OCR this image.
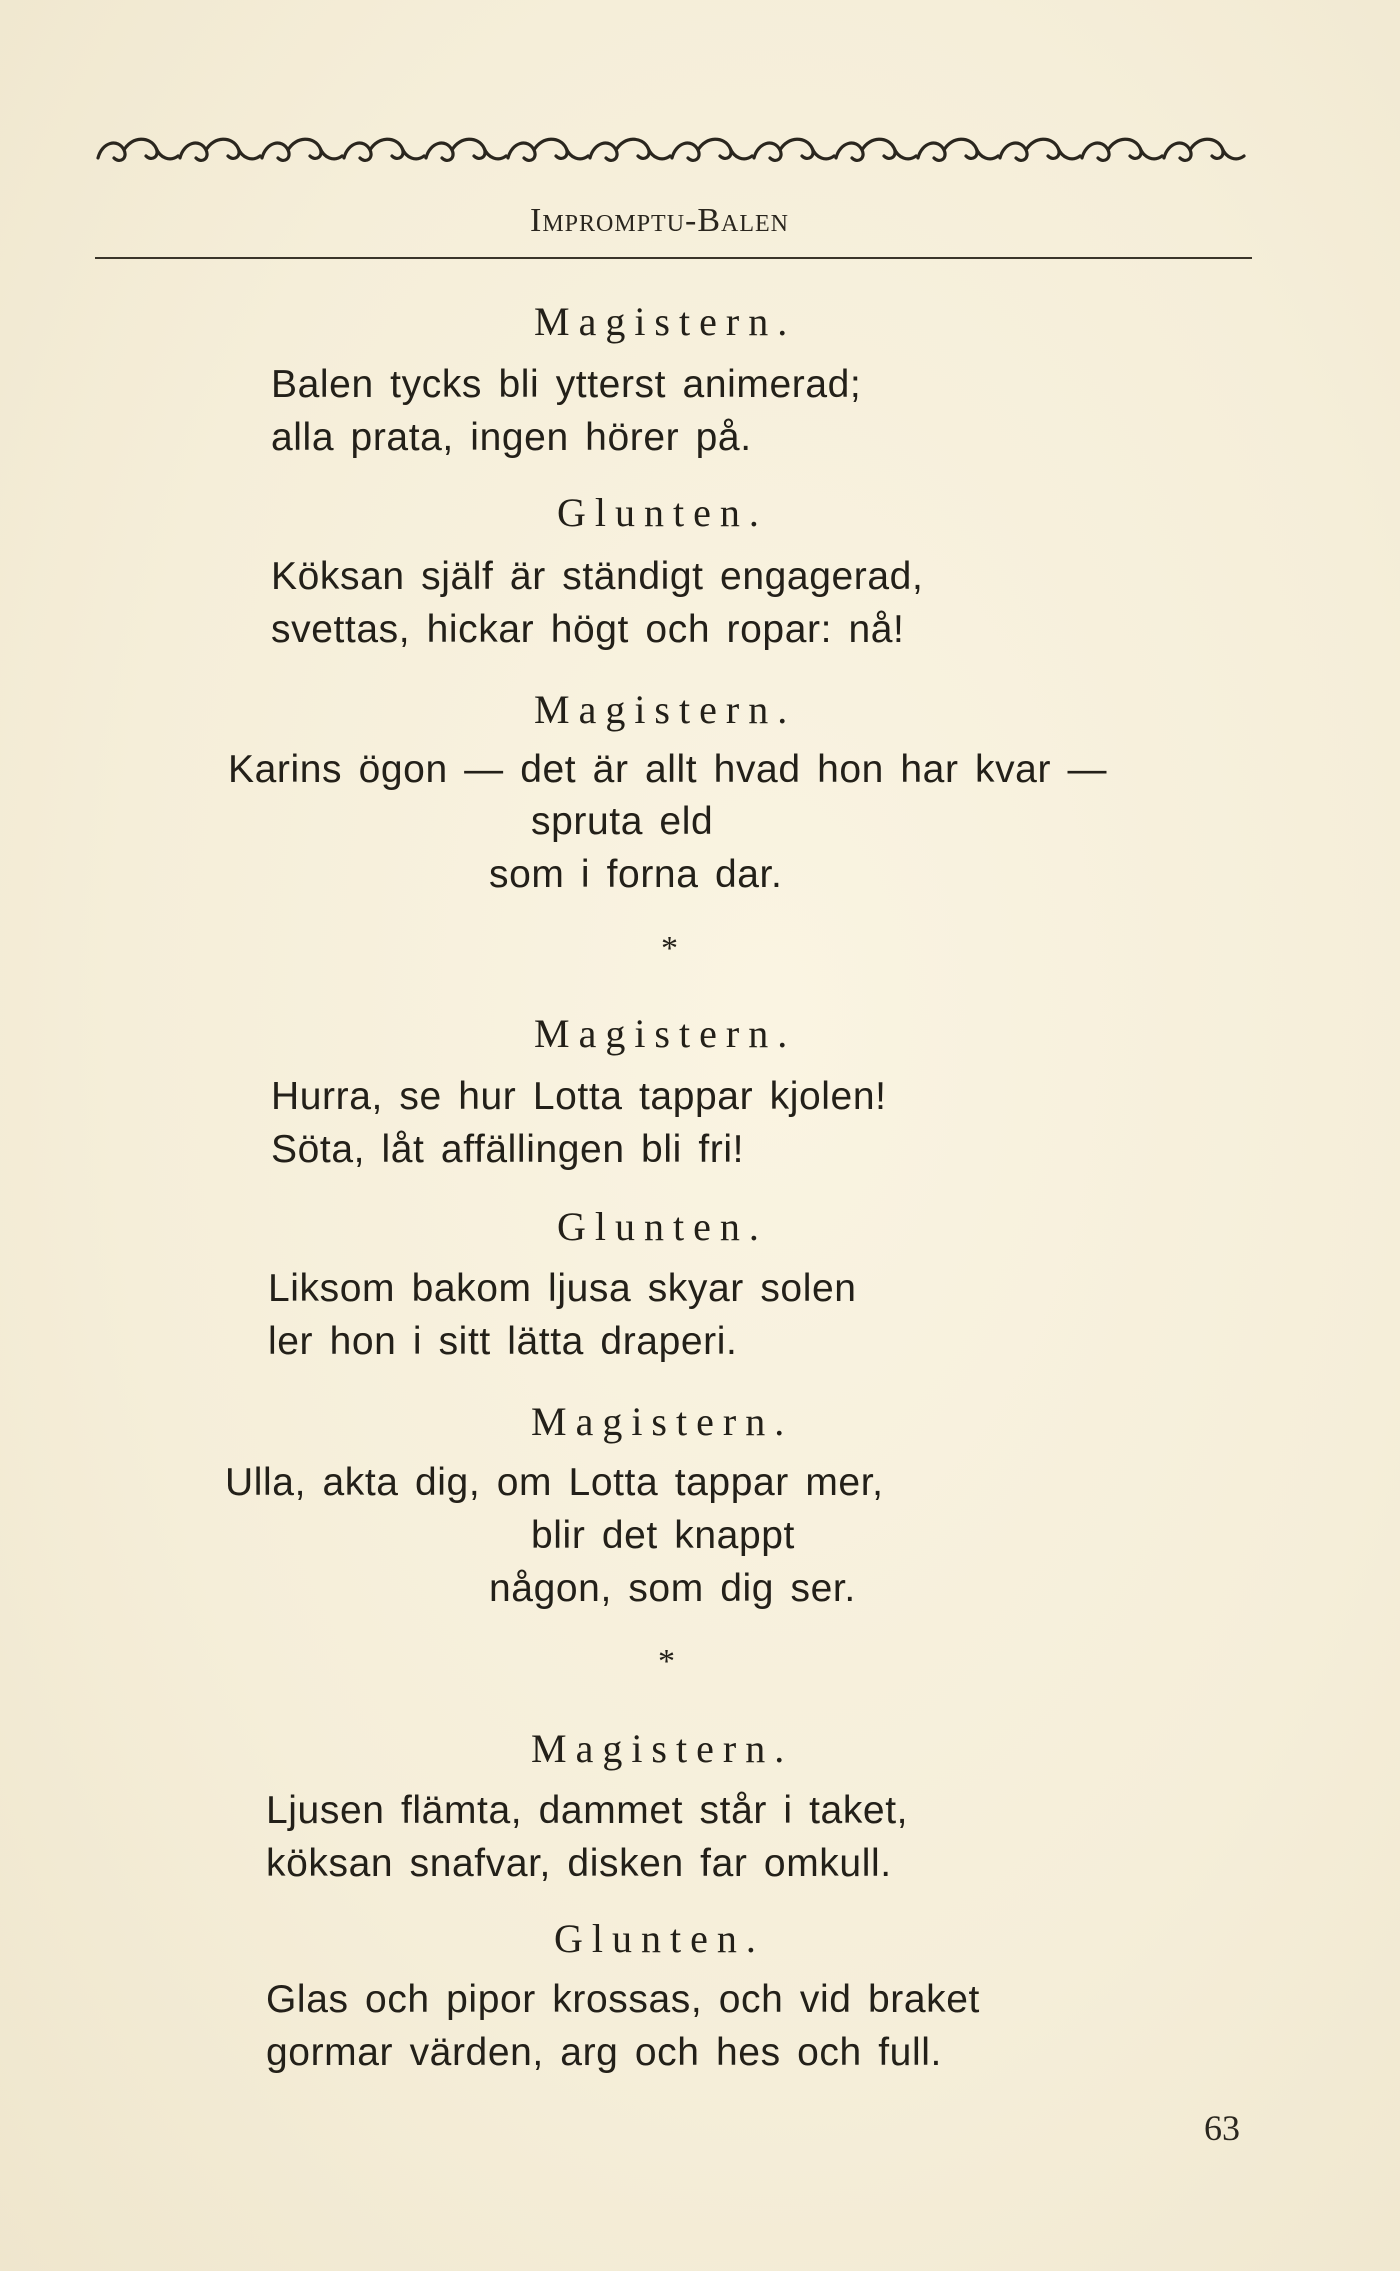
Impromptu-Balen
Magistern.
Balen tycks bli ytterst animerad;
alla prata, ingen hörer på.
Glunten.
Köksan själf är ständigt engagerad,
svettas, hickar högt och ropar: nå!
Magistern.
Karins ögon — det är allt hvad hon har kvar —
spruta eld
som i forna dar.
*
Magistern.
Hurra, se hur Lotta tappar kjolen!
Söta, låt affällingen bli fri!
Glunten.
Liksom bakom ljusa skyar solen
ler hon i sitt lätta draperi.
Magistern.
Ulla, akta dig, om Lotta tappar mer,
blir det knappt
någon, som dig ser.
*
Magistern.
Ljusen flämta, dammet står i taket,
köksan snafvar, disken far omkull.
Glunten.
Glas och pipor krossas, och vid braket
gormar värden, arg och hes och full.
63
